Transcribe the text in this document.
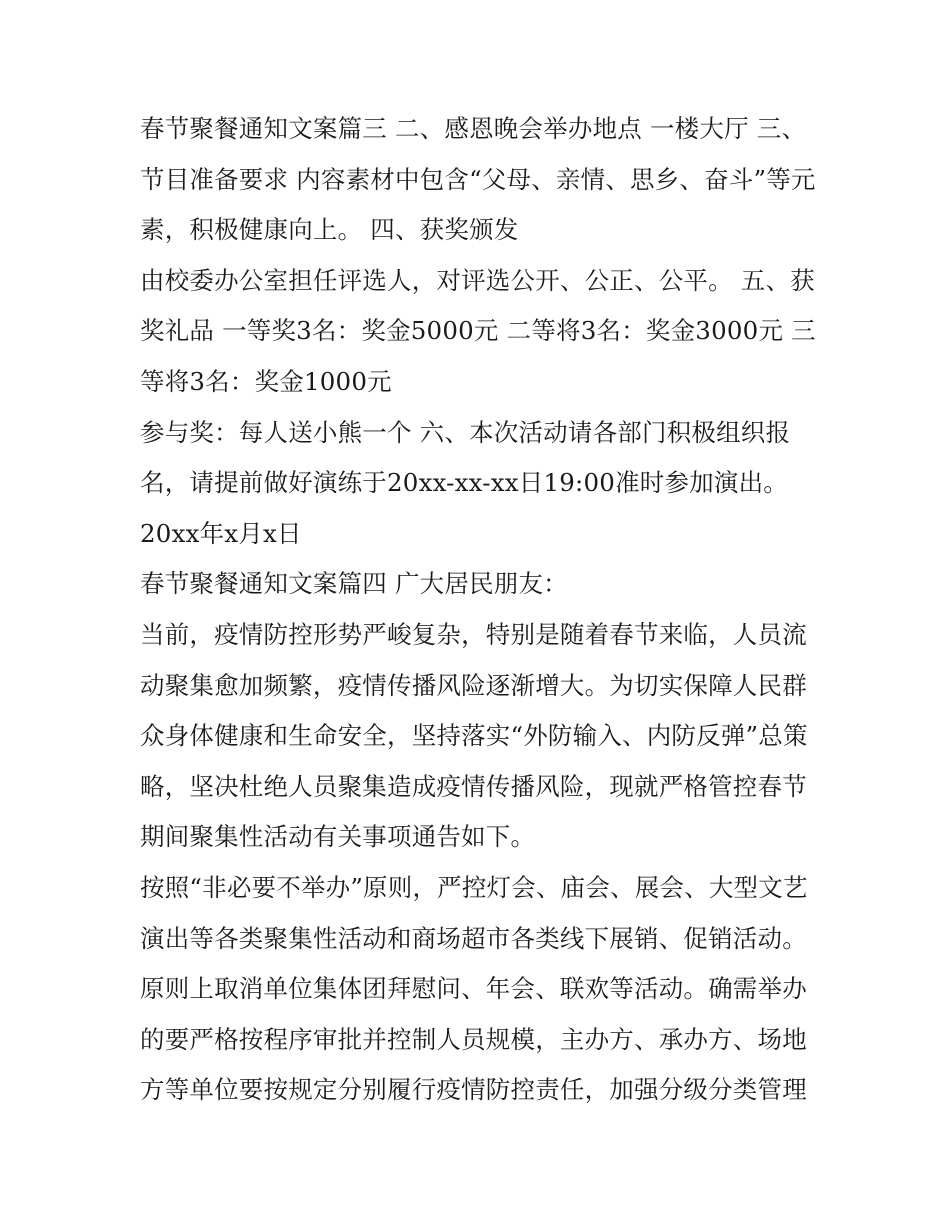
春节聚餐通知文案篇三 二、感恩晚会举办地点 一楼大厅 三、节目准备要求 内容素材中包含“父母、亲情、思乡、奋斗”等元素，积极健康向上。 四、获奖颁发

由校委办公室担任评选人，对评选公开、公正、公平。 五、获奖礼品 一等奖3名：奖金5000元 二等将3名：奖金3000元 三等将3名：奖金1000元

参与奖：每人送小熊一个 六、本次活动请各部门积极组织报名，请提前做好演练于20xx-xx-xx日19:00准时参加演出。

20xx年x月x日

春节聚餐通知文案篇四 广大居民朋友：

当前，疫情防控形势严峻复杂，特别是随着春节来临，人员流动聚集愈加频繁，疫情传播风险逐渐增大。为切实保障人民群众身体健康和生命安全，坚持落实“外防输入、内防反弹”总策略，坚决杜绝人员聚集造成疫情传播风险，现就严格管控春节期间聚集性活动有关事项通告如下。

按照“非必要不举办”原则，严控灯会、庙会、展会、大型文艺演出等各类聚集性活动和商场超市各类线下展销、促销活动。原则上取消单位集体团拜慰问、年会、联欢等活动。确需举办的要严格按程序审批并控制人员规模，主办方、承办方、场地方等单位要按规定分别履行疫情防控责任，加强分级分类管理
